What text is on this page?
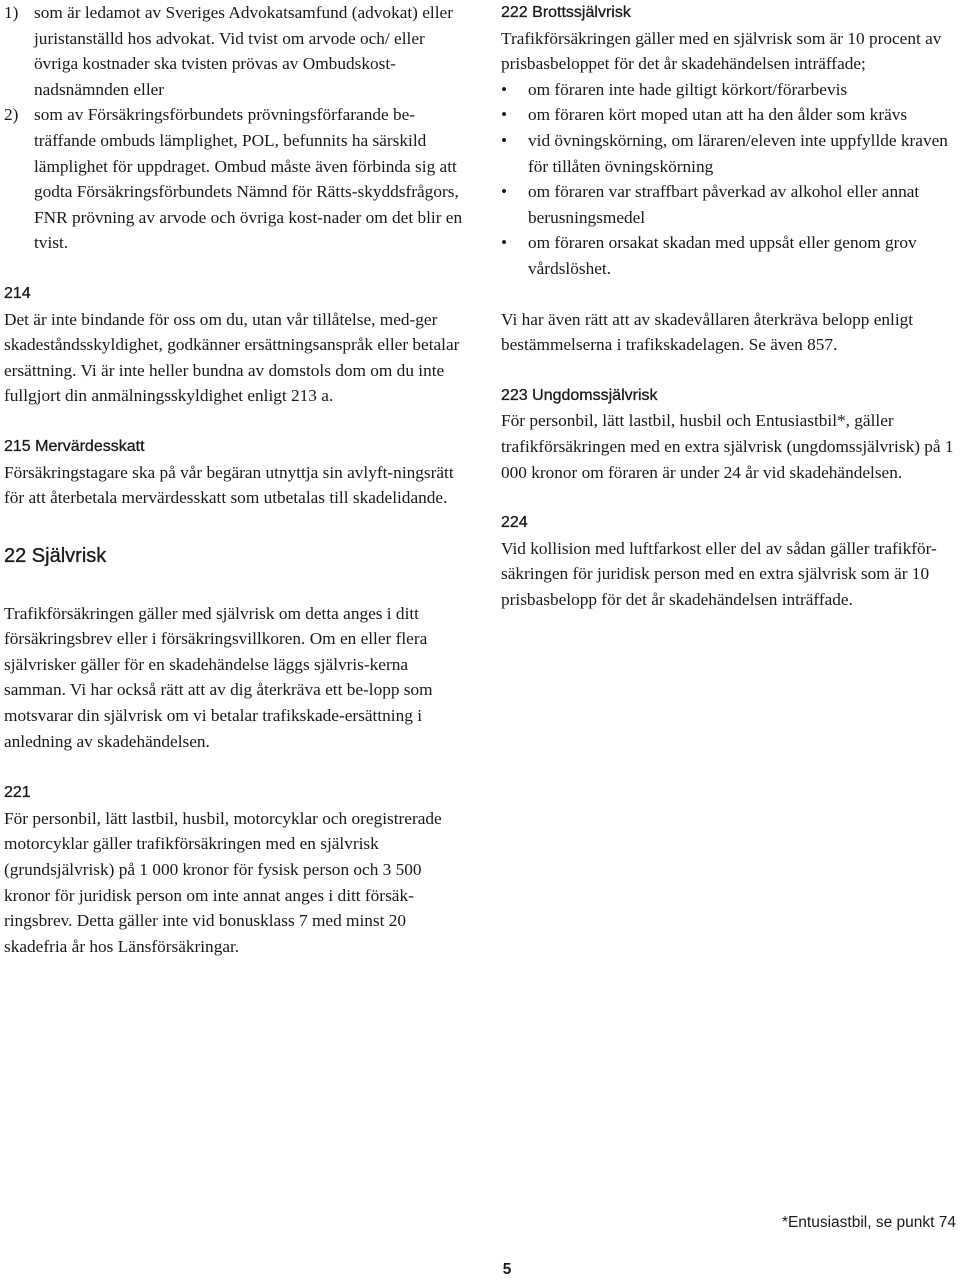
1) som är ledamot av Sveriges Advokatsamfund (advokat) eller juristanställd hos advokat. Vid tvist om arvode och/ eller övriga kostnader ska tvisten prövas av Ombudskost-nadsnämnden eller

2) som av Försäkringsförbundets prövningsförfarande be-träffande ombuds lämplighet, POL, befunnits ha särskild lämplighet för uppdraget. Ombud måste även förbinda sig att godta Försäkringsförbundets Nämnd för Rätts-skyddsfrågors, FNR prövning av arvode och övriga kost-nader om det blir en tvist.

214

Det är inte bindande för oss om du, utan vår tillåtelse, med-ger skadeståndsskyldighet, godkänner ersättningsanspråk eller betalar ersättning. Vi är inte heller bundna av domstols dom om du inte fullgjort din anmälningsskyldighet enligt 213 a.

215 Mervärdesskatt

Försäkringstagare ska på vår begäran utnyttja sin avlyft-ningsrätt för att återbetala mervärdesskatt som utbetalas till skadelidande.

22 Självrisk

Trafikförsäkringen gäller med självrisk om detta anges i ditt försäkringsbrev eller i försäkringsvillkoren. Om en eller flera självrisker gäller för en skadehändelse läggs självris-kerna samman. Vi har också rätt att av dig återkräva ett be-lopp som motsvarar din självrisk om vi betalar trafikskade-ersättning i anledning av skadehändelsen.

221

För personbil, lätt lastbil, husbil, motorcyklar och oregistrerade motorcyklar gäller trafikförsäkringen med en självrisk (grundsjälvrisk) på 1 000 kronor för fysisk person och 3 500 kronor för juridisk person om inte annat anges i ditt försäk-ringsbrev. Detta gäller inte vid bonusklass 7 med minst 20 skadefria år hos Länsförsäkringar.

222 Brottssjälvrisk

Trafikförsäkringen gäller med en självrisk som är 10 procent av prisbasbeloppet för det år skadehändelsen inträffade;

•	om föraren inte hade giltigt körkort/förarbevis
•	om föraren kört moped utan att ha den ålder som krävs
•	vid övningskörning, om läraren/eleven inte uppfyllde kraven för tillåten övningskörning
•	om föraren var straffbart påverkad av alkohol eller annat berusningsmedel
•	om föraren orsakat skadan med uppsåt eller genom grov vårdslöshet.

Vi har även rätt att av skadevållaren återkräva belopp enligt bestämmelserna i trafikskadelagen. Se även 857.

223 Ungdomssjälvrisk

För personbil, lätt lastbil, husbil och Entusiastbil*, gäller trafikförsäkringen med en extra självrisk (ungdomssjälvrisk) på 1 000 kronor om föraren är under 24 år vid skadehändelsen.

224

Vid kollision med luftfarkost eller del av sådan gäller trafikför-säkringen för juridisk person med en extra självrisk som är 10 prisbasbelopp för det år skadehändelsen inträffade.

*Entusiastbil, se punkt 74
5
